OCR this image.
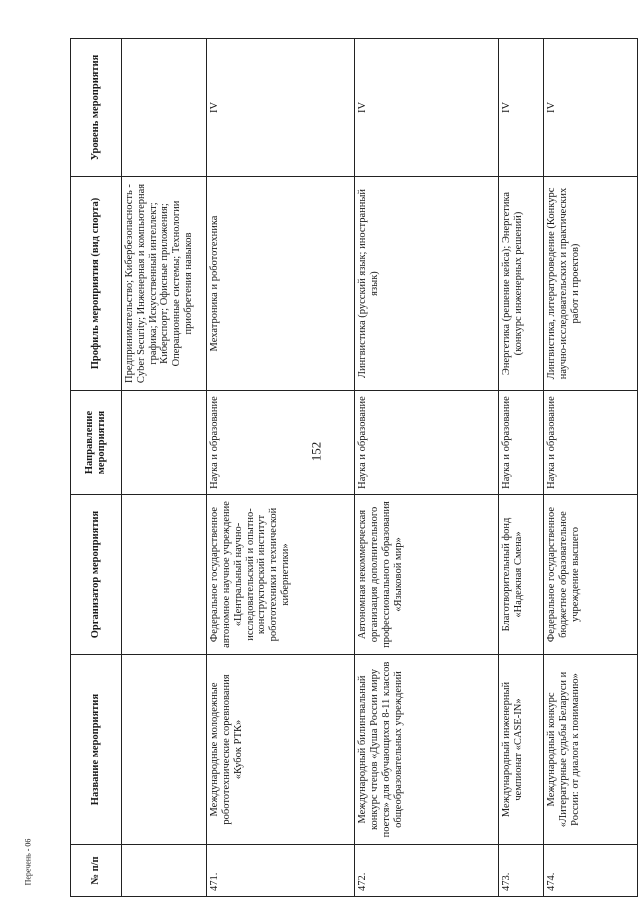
152
№ п/п	Название мероприятия	Организатор мероприятия	Направление мероприятия	Профиль мероприятия (вид спорта)	Уровень мероприятия
				Предпринимательство; Кибербезопасность - Cyber Security; Инженерная и компьютерная графика; Искусственный интеллект; Киберспорт; Офисные приложения; Операционные системы; Технологии приобретения навыков	
471.	Международные молодежные робототехнические соревнования «Кубок РТК»	Федеральное государственное автономное научное учреждение «Центральный научно-исследовательский и опытно-конструкторский институт робототехники и технической кибернетики»	Наука и образование	Мехатроника и робототехника	IV
472.	Международный билингвальный конкурс чтецов «Душа России миру поется» для обучающихся 8-11 классов общеобразовательных учреждений	Автономная некоммерческая организация дополнительного профессионального образования «Языковой мир»	Наука и образование	Лингвистика (русский язык; иностранный язык)	IV
473.	Международный инженерный чемпионат «CASE-IN»	Благотворительный фонд «Надежная Смена»	Наука и образование	Энергетика (решение кейса); Энергетика (конкурс инженерных решений)	IV
474.	Международный конкурс «Литературные судьбы Беларуси и России: от диалога к пониманию»	Федеральное государственное бюджетное образовательное учреждение высшего	Наука и образование	Лингвистика, литературоведение (Конкурс научно-исследовательских и практических работ и проектов)	IV
Перечень - 06
